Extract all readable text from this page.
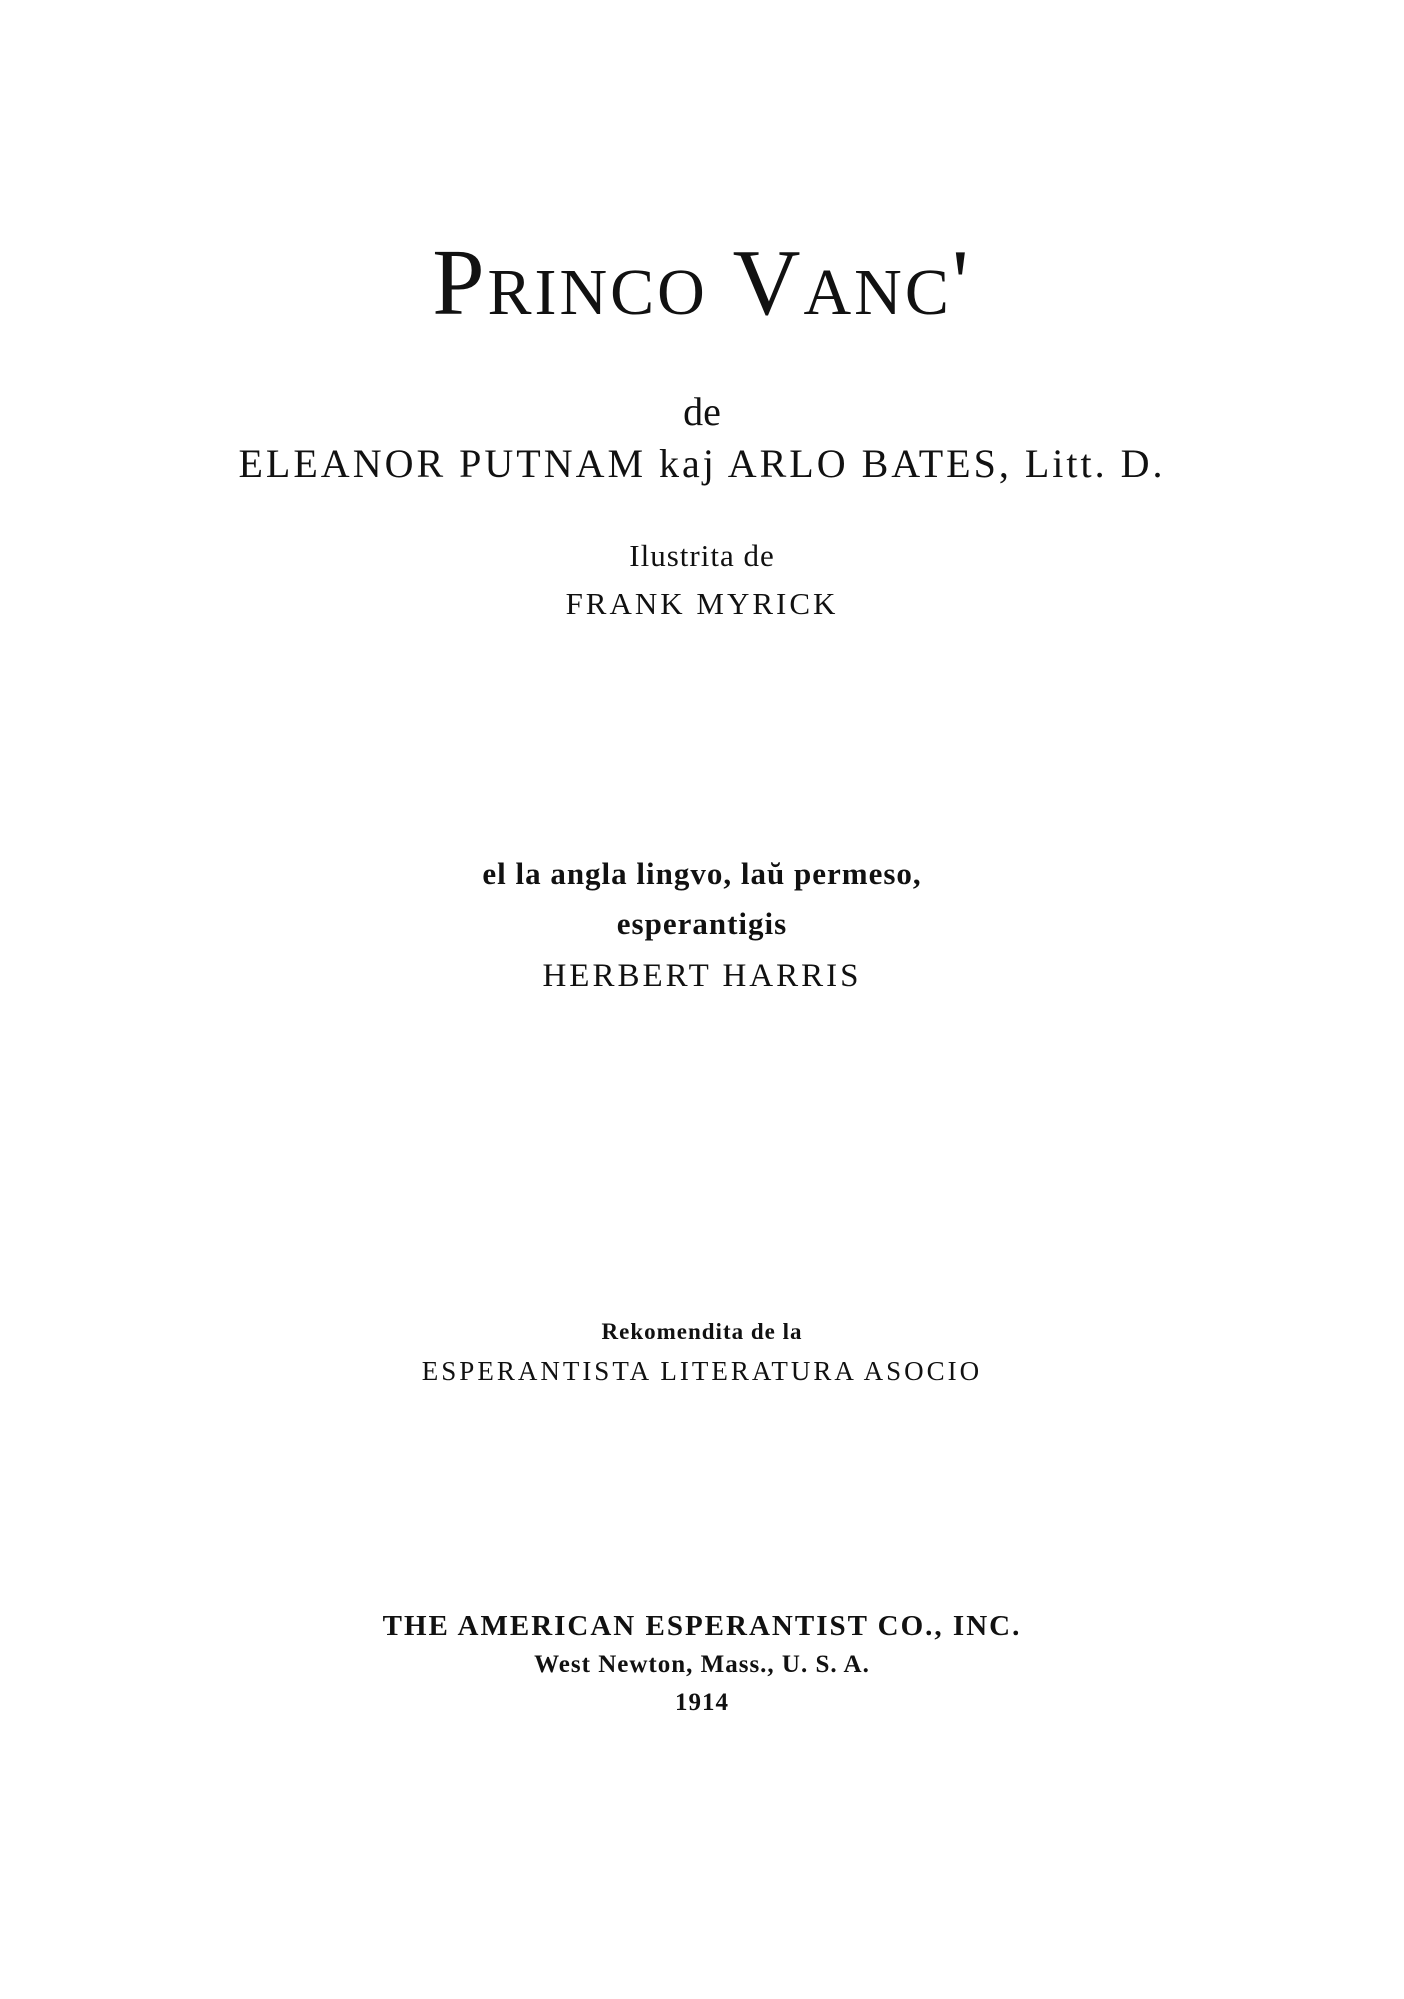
Princo Vanc'
de
ELEANOR PUTNAM kaj ARLO BATES, Litt. D.
Ilustrita de
FRANK MYRICK
el la angla lingvo, laŭ permeso,
esperantigis
HERBERT HARRIS
Rekomendita de la
ESPERANTISTA LITERATURA ASOCIO
THE AMERICAN ESPERANTIST CO., INC.
West Newton, Mass., U. S. A.
1914
